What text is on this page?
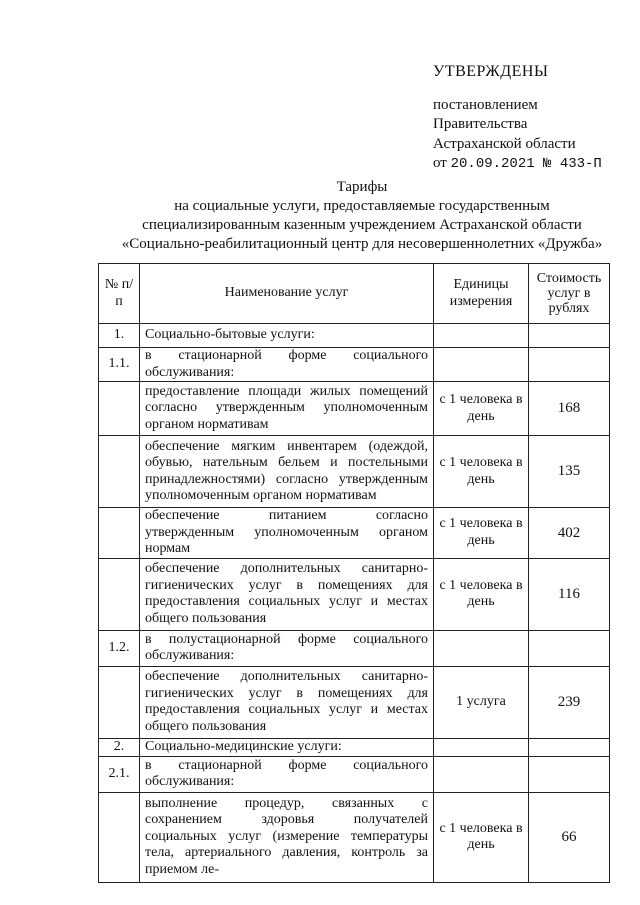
УТВЕРЖДЕНЫ
постановлением
Правительства
Астраханской области
от 20.09.2021 № 433-П
Тарифы
на социальные услуги, предоставляемые государственным
специализированным казенным учреждением Астраханской области
«Социально-реабилитационный центр для несовершеннолетних «Дружба»
№ п/п	Наименование услуг	Единицы измерения	Стоимость услуг в рублях
1.	Социально-бытовые услуги:		
1.1.	в стационарной форме социального обслуживания:		
	предоставление площади жилых помещений согласно утвержденным уполномоченным органом нормативам	с 1 человека в день	168
	обеспечение мягким инвентарем (одеждой, обувью, нательным бельем и постельными принадлежностями) согласно утвержденным уполномоченным органом нормативам	с 1 человека в день	135
	обеспечение питанием согласно утвержденным уполномоченным органом нормам	с 1 человека в день	402
	обеспечение дополнительных санитарно-гигиенических услуг в помещениях для предоставления социальных услуг и местах общего пользования	с 1 человека в день	116
1.2.	в полустационарной форме социального обслуживания:		
	обеспечение дополнительных санитарно-гигиенических услуг в помещениях для предоставления социальных услуг и местах общего пользования	1 услуга	239
2.	Социально-медицинские услуги:		
2.1.	в стационарной форме социального обслуживания:		
	выполнение процедур, связанных с сохранением здоровья получателей социальных услуг (измерение температуры тела, артериального давления, контроль за приемом ле-	с 1 человека в день	66
